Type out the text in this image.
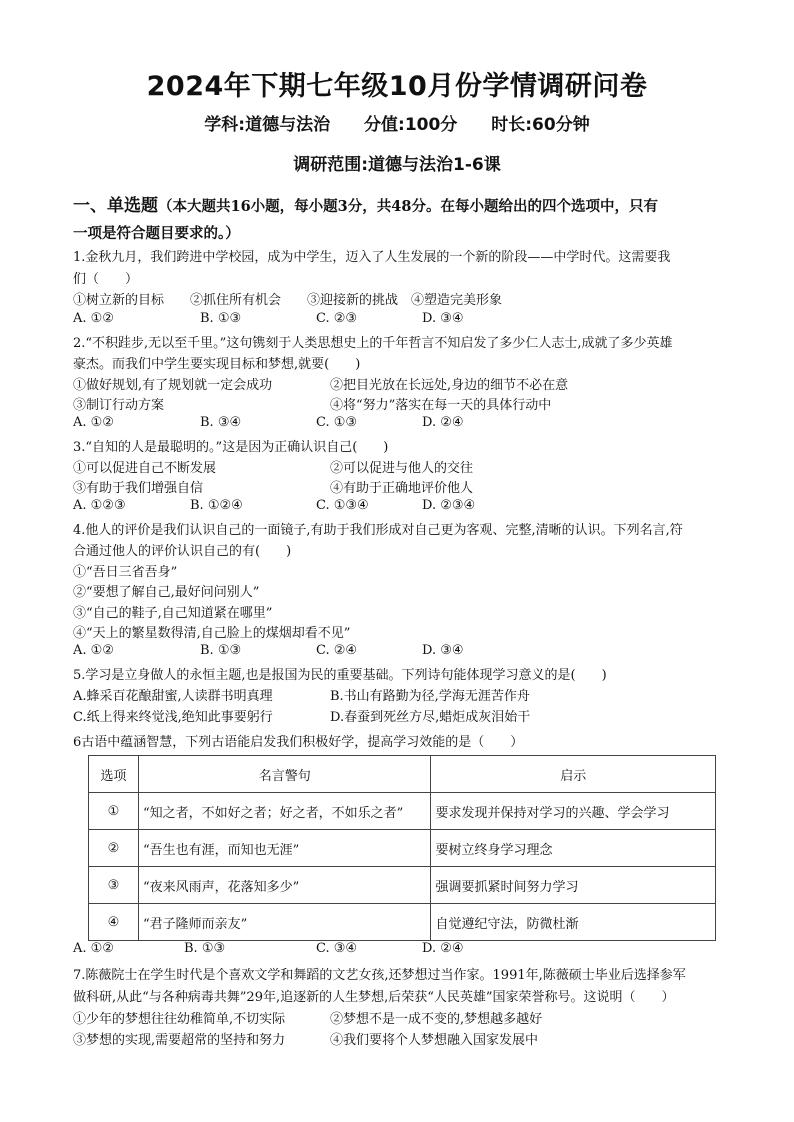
2024年下期七年级10月份学情调研问卷
学科:道德与法治 分值:100分 时长:60分钟
调研范围:道德与法治1-6课
一、单选题（本大题共16小题，每小题3分，共48分。在每小题给出的四个选项中，只有
一项是符合题目要求的。）
1.金秋九月，我们跨进中学校园，成为中学生，迈入了人生发展的一个新的阶段——中学时代。这需要我
们（　　）
①树立新的目标　　②抓住所有机会　　③迎接新的挑战　④塑造完美形象
A. ①②	B. ①③	C. ②③	D. ③④
2.“不积跬步,无以至千里。”这句镌刻于人类思想史上的千年哲言不知启发了多少仁人志士,成就了多少英雄
豪杰。而我们中学生要实现目标和梦想,就要(　　)
①做好规划,有了规划就一定会成功	②把目光放在长远处,身边的细节不必在意
③制订行动方案	④将“努力”落实在每一天的具体行动中
A. ①②	B. ③④	C. ①③	D. ②④
3.“自知的人是最聪明的。”这是因为正确认识自己(　　)
①可以促进自己不断发展	②可以促进与他人的交往
③有助于我们增强自信	④有助于正确地评价他人
A. ①②③	B. ①②④	C. ①③④	D. ②③④
4.他人的评价是我们认识自己的一面镜子,有助于我们形成对自己更为客观、完整,清晰的认识。下列名言,符
合通过他人的评价认识自己的有(　　)
①“吾日三省吾身”
②“要想了解自己,最好问问别人”
③“自己的鞋子,自己知道紧在哪里”
④“天上的繁星数得清,自己脸上的煤烟却看不见”
A. ①②	B. ①③	C. ②④	D. ③④
5.学习是立身做人的永恒主题,也是报国为民的重要基础。下列诗句能体现学习意义的是(　　)
A.蜂采百花酿甜蜜,人读群书明真理	B.书山有路勤为径,学海无涯苦作舟
C.纸上得来终觉浅,绝知此事要躬行	D.春蚕到死丝方尽,蜡炬成灰泪始干
6古语中蕴涵智慧，下列古语能启发我们积极好学，提高学习效能的是（　　）
选项	名言警句	启示
①	“知之者，不如好之者；好之者，不如乐之者”	要求发现并保持对学习的兴趣、学会学习
②	“吾生也有涯，而知也无涯”	要树立终身学习理念
③	“夜来风雨声，花落知多少”	强调要抓紧时间努力学习
④	“君子隆师而亲友”	自觉遵纪守法，防微杜渐
A. ①②	B. ①③	C. ③④	D. ②④
7.陈薇院士在学生时代是个喜欢文学和舞蹈的文艺女孩,还梦想过当作家。1991年,陈薇硕士毕业后选择参军
做科研,从此“与各种病毒共舞”29年,追逐新的人生梦想,后荣获“人民英雄”国家荣誉称号。这说明（　　）
①少年的梦想往往幼稚简单,不切实际	②梦想不是一成不变的,梦想越多越好
③梦想的实现,需要超常的坚持和努力	④我们要将个人梦想融入国家发展中
